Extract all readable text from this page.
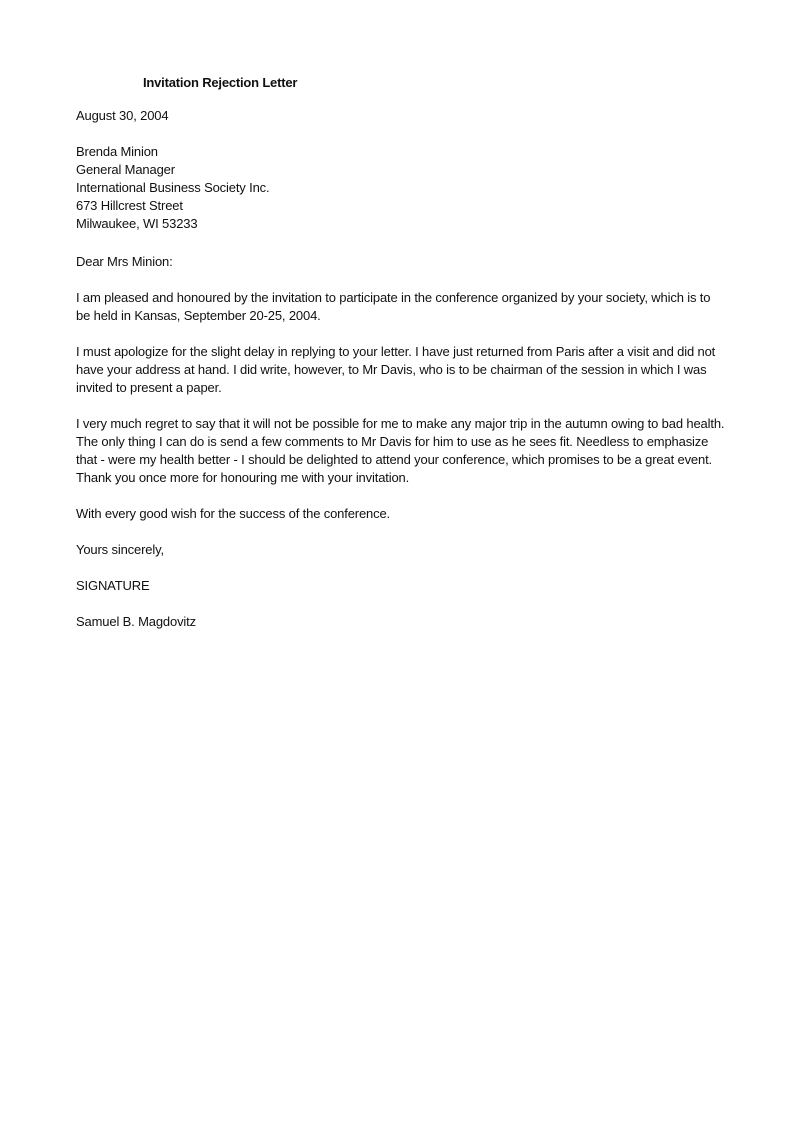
Invitation Rejection Letter
August 30, 2004
Brenda Minion
General Manager
International Business Society Inc.
673 Hillcrest Street
Milwaukee, WI 53233
Dear Mrs Minion:

I am pleased and honoured by the invitation to participate in the conference organized by your society, which is to be held in Kansas, September 20-25, 2004.

I must apologize for the slight delay in replying to your letter. I have just returned from Paris after a visit and did not have your address at hand. I did write, however, to Mr Davis, who is to be chairman of the session in which I was invited to present a paper.

I very much regret to say that it will not be possible for me to make any major trip in the autumn owing to bad health. The only thing I can do is send a few comments to Mr Davis for him to use as he sees fit. Needless to emphasize that - were my health better - I should be delighted to attend your conference, which promises to be a great event. Thank you once more for honouring me with your invitation.

With every good wish for the success of the conference.
Yours sincerely,
SIGNATURE
Samuel B. Magdovitz
